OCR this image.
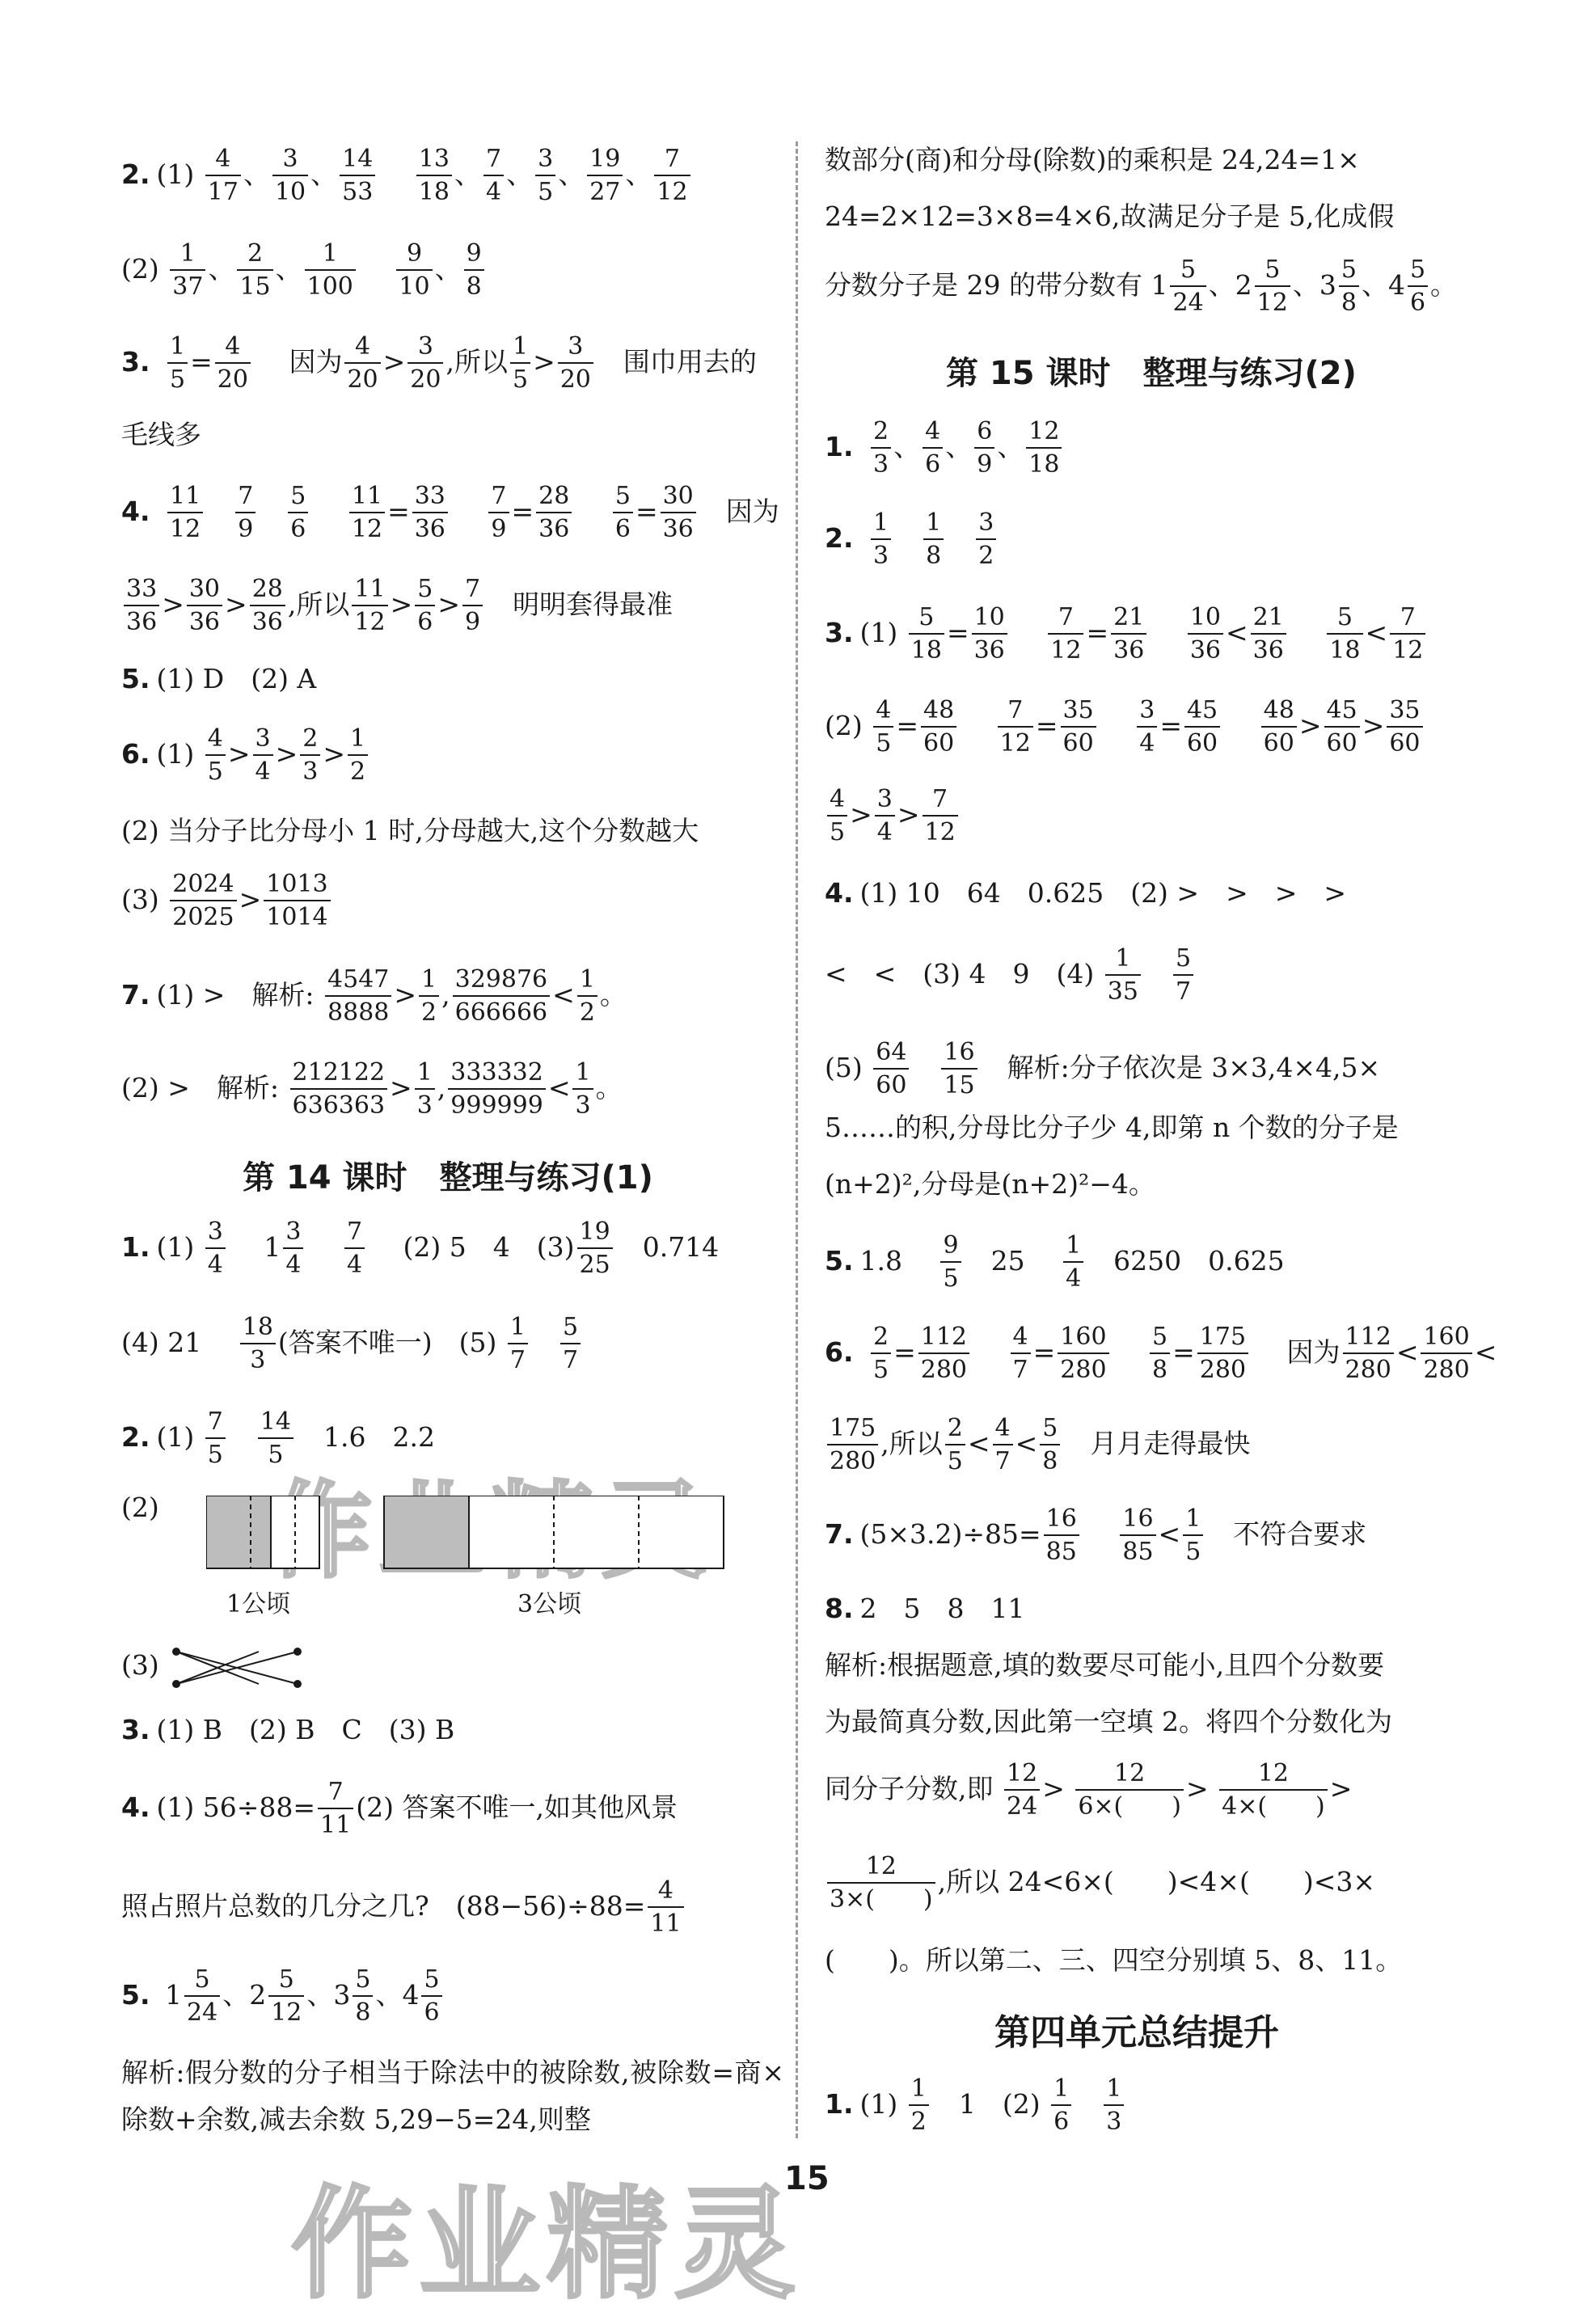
作业精灵
2. $(1) \frac{4}{17}$ 、 $\frac{3}{10}$ 、 $\frac{14}{53}$
$\frac{13}{18}$ 、 $\frac{7}{4}$ 、 $\frac{3}{5}$ 、 $\frac{19}{27}$ 、 $\frac{7}{12}$
$(2) \frac{1}{37}$ 、 $\frac{2}{15}$ 、 $\frac{1}{100}$
$\frac{9}{10}$ 、 $\frac{9}{8}$
3. $\frac{1}{5} = \frac{4}{20}$ 因为 $\frac{4}{20} > \frac{3}{20}$ ,所以 $\frac{1}{5} > \frac{3}{20}$ 围巾用去的
毛线多
4. $\frac{11}{12} \frac{7}{9} \frac{5}{6}$
$\frac{11}{12} = \frac{33}{36}$
$\frac{7}{9} = \frac{28}{36}$
$\frac{5}{6} = \frac{30}{36}$ 因为
$\frac{33}{36} > \frac{30}{36} > \frac{28}{36}$ ,所以 $\frac{11}{12} > \frac{5}{6} > \frac{7}{9}$ 明明套得最准
5. (1) D　(2) A
6. $(1) \frac{4}{5} > \frac{3}{4} > \frac{2}{3} > \frac{1}{2}$
(2) 当分子比分母小 1 时,分母越大,这个分数越大
$(3) \frac{2024}{2025} > \frac{1013}{1014}$
7. (1) >　解析: $\frac{4547}{8888} > \frac{1}{2}$ , $\frac{329876}{666666} < \frac{1}{2}$ 。
(2) >　解析: $\frac{212122}{636363} > \frac{1}{3}$ , $\frac{333332}{999999} < \frac{1}{3}$ 。
第 14 课时　整理与练习(1)
1. $(1) \frac{3}{4} 1 \frac{3}{4}$
$\frac{7}{4} (2)$ 5　4　$(3) \frac{19}{25} 0.714$
(4) $21 \frac{18}{3}$ (答案不唯一)　$(5) \frac{1}{7} \frac{5}{7}$
2. $(1) \frac{7}{5} \frac{14}{5} 1.6$　2.2
(2)
1公顷	3公顷
(3)
3. (1) B　(2) B　C　(3) B
4. (1) $56\div 88= \frac{7}{11} (2)$ 答案不唯一,如其他风景
照占照片总数的几分之几?　$(88-56)\div 88= \frac{4}{11}$
5. $1 \frac{5}{24}$ 、$2 \frac{5}{12}$ 、$3 \frac{5}{8}$ 、$4 \frac{5}{6}$
解析:假分数的分子相当于除法中的被除数,被除数=商×除数+余数,减去余数 5,29−5=24,则整
数部分(商)和分母(除数)的乘积是 24,24=1×
24=2×12=3×8=4×6,故满足分子是 5,化成假
分数分子是 29 的带分数有 $1 \frac{5}{24}$ 、$2 \frac{5}{12}$ 、$3 \frac{5}{8}$ 、$4 \frac{5}{6}$ 。
第 15 课时　整理与练习(2)
1. $\frac{2}{3}$ 、 $\frac{4}{6}$ 、 $\frac{6}{9}$ 、 $\frac{12}{18}$
2. $\frac{1}{3} \frac{1}{8} \frac{3}{2}$
3. $(1) \frac{5}{18} = \frac{10}{36}$
$\frac{7}{12} = \frac{21}{36}$
$\frac{10}{36} < \frac{21}{36}$
$\frac{5}{18} < \frac{7}{12}$
$(2) \frac{4}{5} = \frac{48}{60}$
$\frac{7}{12} = \frac{35}{60}$
$\frac{3}{4} = \frac{45}{60}$
$\frac{48}{60} > \frac{45}{60} > \frac{35}{60}$
$\frac{4}{5} > \frac{3}{4} > \frac{7}{12}$
4. (1) 10　64　0.625　(2) >　>　>　>
<　<　(3) 4　9　$(4) \frac{1}{35} \frac{5}{7}$
$(5) \frac{64}{60} \frac{16}{15}$ 解析:分子依次是 3×3,4×4,5×
5……的积,分母比分子少 4,即第 n 个数的分子是
(n+2)²,分母是(n+2)²−4。
5. $1.8 \frac{9}{5} 25 \frac{1}{4} 6250$　0.625
6. $\frac{2}{5} = \frac{112}{280}$
$\frac{4}{7} = \frac{160}{280}$
$\frac{5}{8} = \frac{175}{280}$ 因为 $\frac{112}{280} < \frac{160}{280}$ <
$\frac{175}{280}$ ,所以 $\frac{2}{5} < \frac{4}{7} < \frac{5}{8}$ 月月走得最快
7. $(5\times 3.2)\div 85= \frac{16}{85}$
$\frac{16}{85} < \frac{1}{5}$ 不符合要求
8. 2　5　8　11
解析:根据题意,填的数要尽可能小,且四个分数要
为最简真分数,因此第一空填 2。将四个分数化为
同分子分数,即 $\frac{12}{24} > \frac{12}{6\times( )} > \frac{12}{4\times( )}$ >
$\frac{12}{3\times( )}$ ,所以 24<6×(　　)<4×(　　)<3×
(　　)。所以第二、三、四空分别填 5、8、11。
第四单元总结提升
1. $(1) \frac{1}{2} 1$　$(2) \frac{1}{6} \frac{1}{3}$
15
